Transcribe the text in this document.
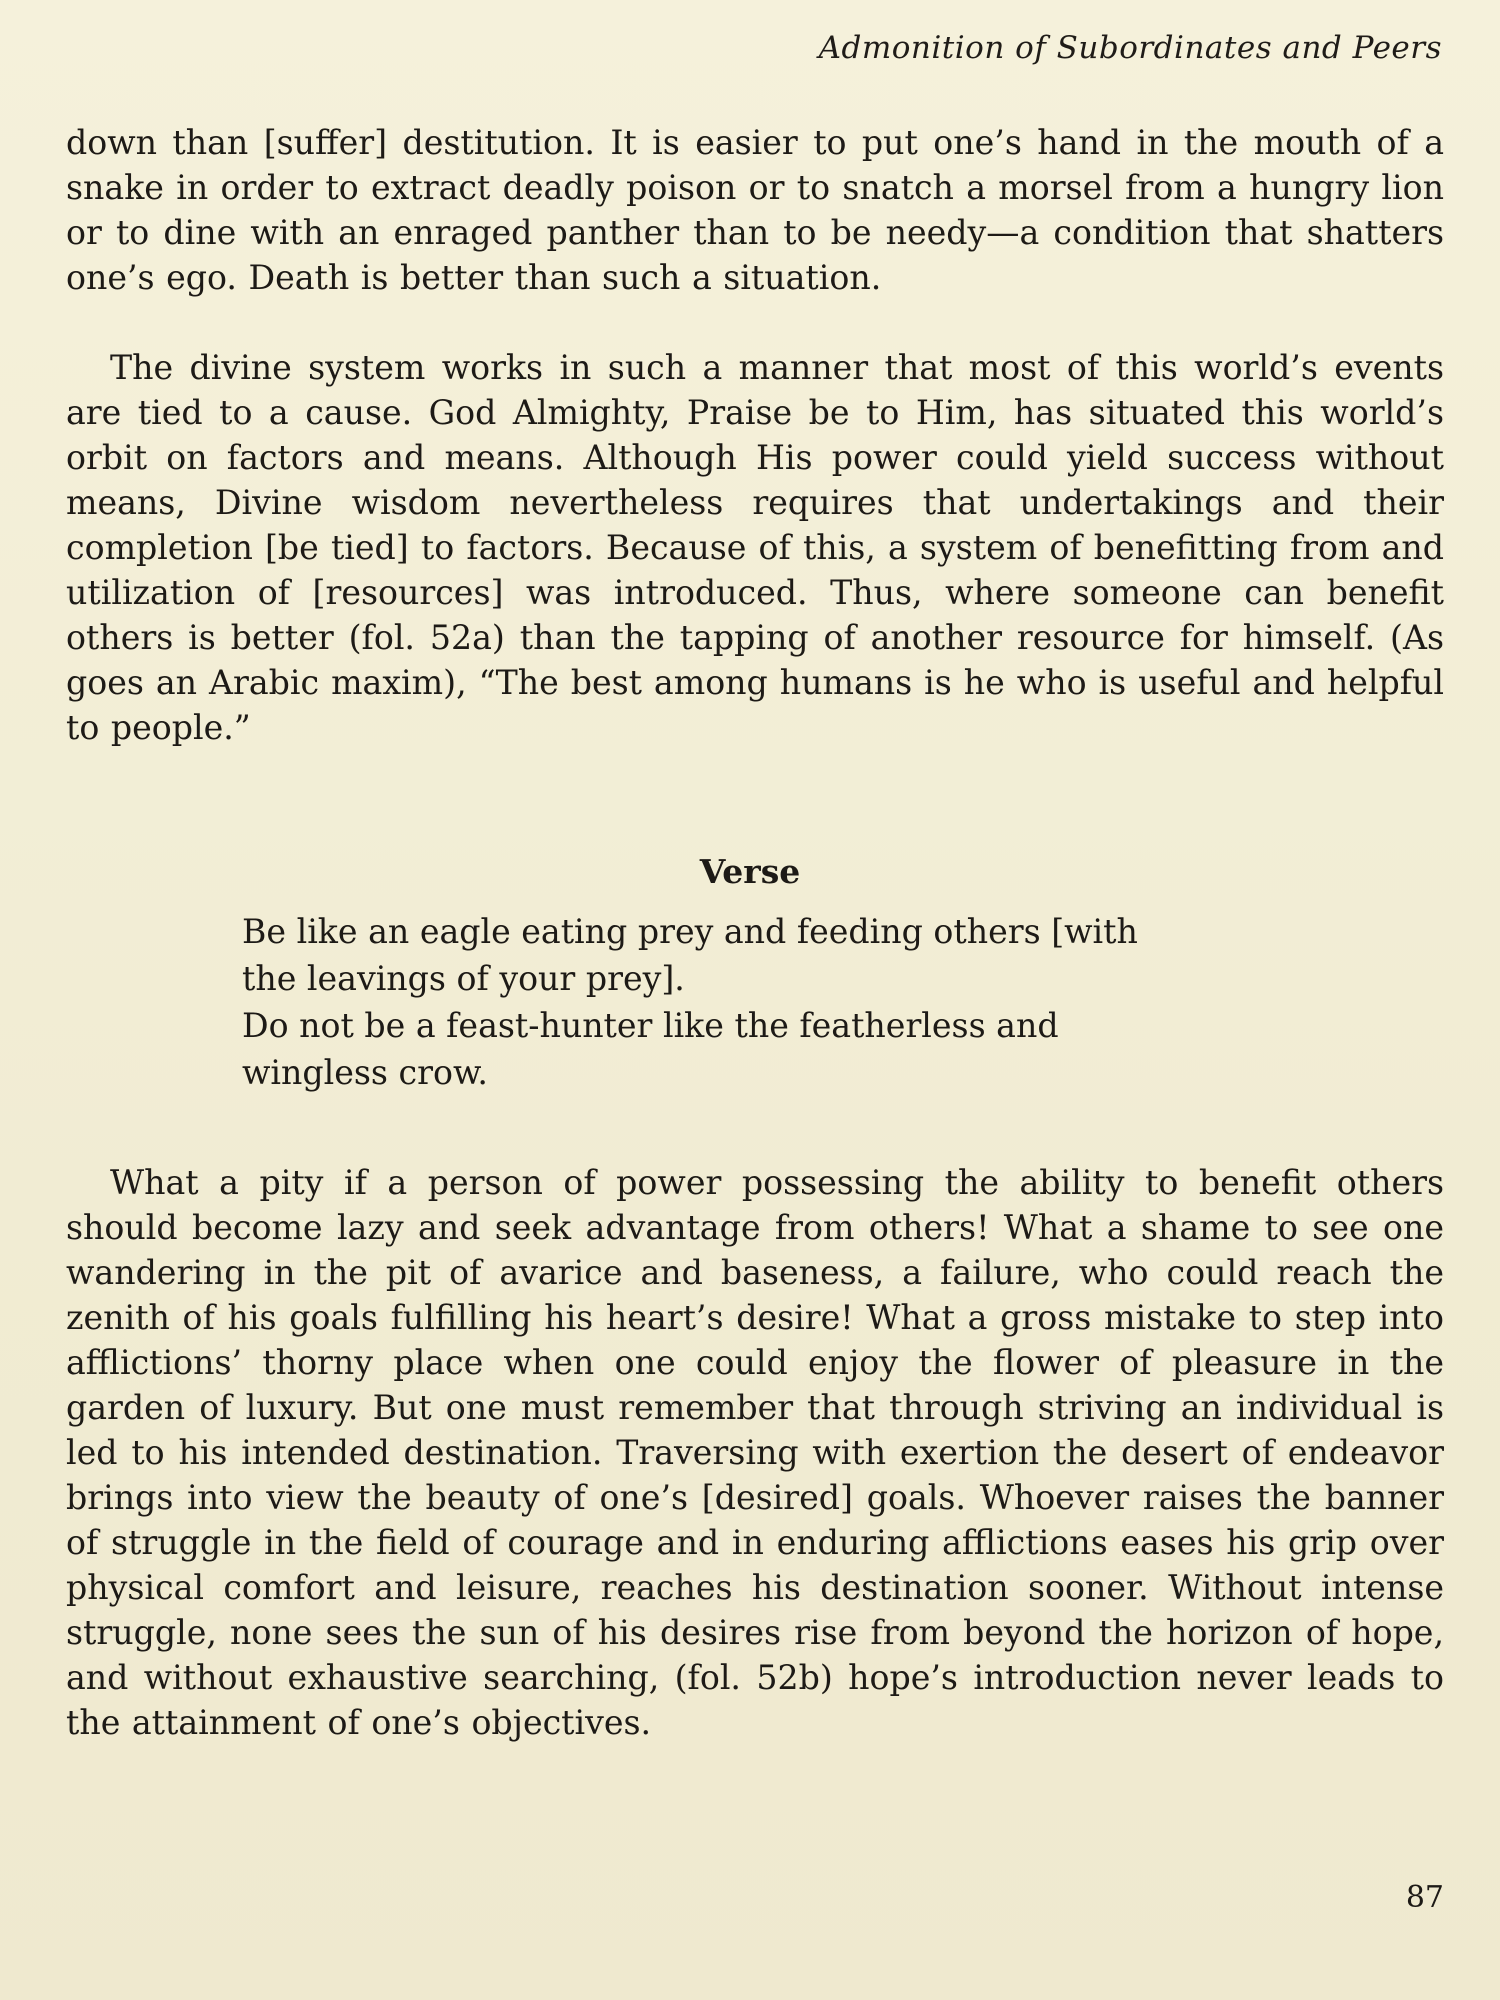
Admonition of Subordinates and Peers

down than [suffer] destitution. It is easier to put one’s hand in the mouth of a snake in order to extract deadly poison or to snatch a morsel from a hungry lion or to dine with an enraged panther than to be needy—a condition that shatters one’s ego. Death is better than such a situation.

The divine system works in such a manner that most of this world’s events are tied to a cause. God Almighty, Praise be to Him, has situated this world’s orbit on factors and means. Although His power could yield success without means, Divine wisdom nevertheless requires that undertakings and their completion [be tied] to factors. Because of this, a system of benefitting from and utilization of [resources] was introduced. Thus, where someone can benefit others is better (fol. 52a) than the tapping of another resource for himself. (As goes an Arabic maxim), “The best among humans is he who is useful and helpful to people.”

Verse
Be like an eagle eating prey and feeding others [with
the leavings of your prey].
Do not be a feast-hunter like the featherless and
wingless crow.

What a pity if a person of power possessing the ability to benefit others should become lazy and seek advantage from others! What a shame to see one wandering in the pit of avarice and baseness, a failure, who could reach the zenith of his goals fulfilling his heart’s desire! What a gross mistake to step into afflictions’ thorny place when one could enjoy the flower of pleasure in the garden of luxury. But one must remember that through striving an individual is led to his intended destination. Traversing with exertion the desert of endeavor brings into view the beauty of one’s [desired] goals. Whoever raises the banner of struggle in the field of courage and in enduring afflictions eases his grip over physical comfort and leisure, reaches his destination sooner. Without intense struggle, none sees the sun of his desires rise from beyond the horizon of hope, and without exhaustive searching, (fol. 52b) hope’s introduction never leads to the attainment of one’s objectives.

87
